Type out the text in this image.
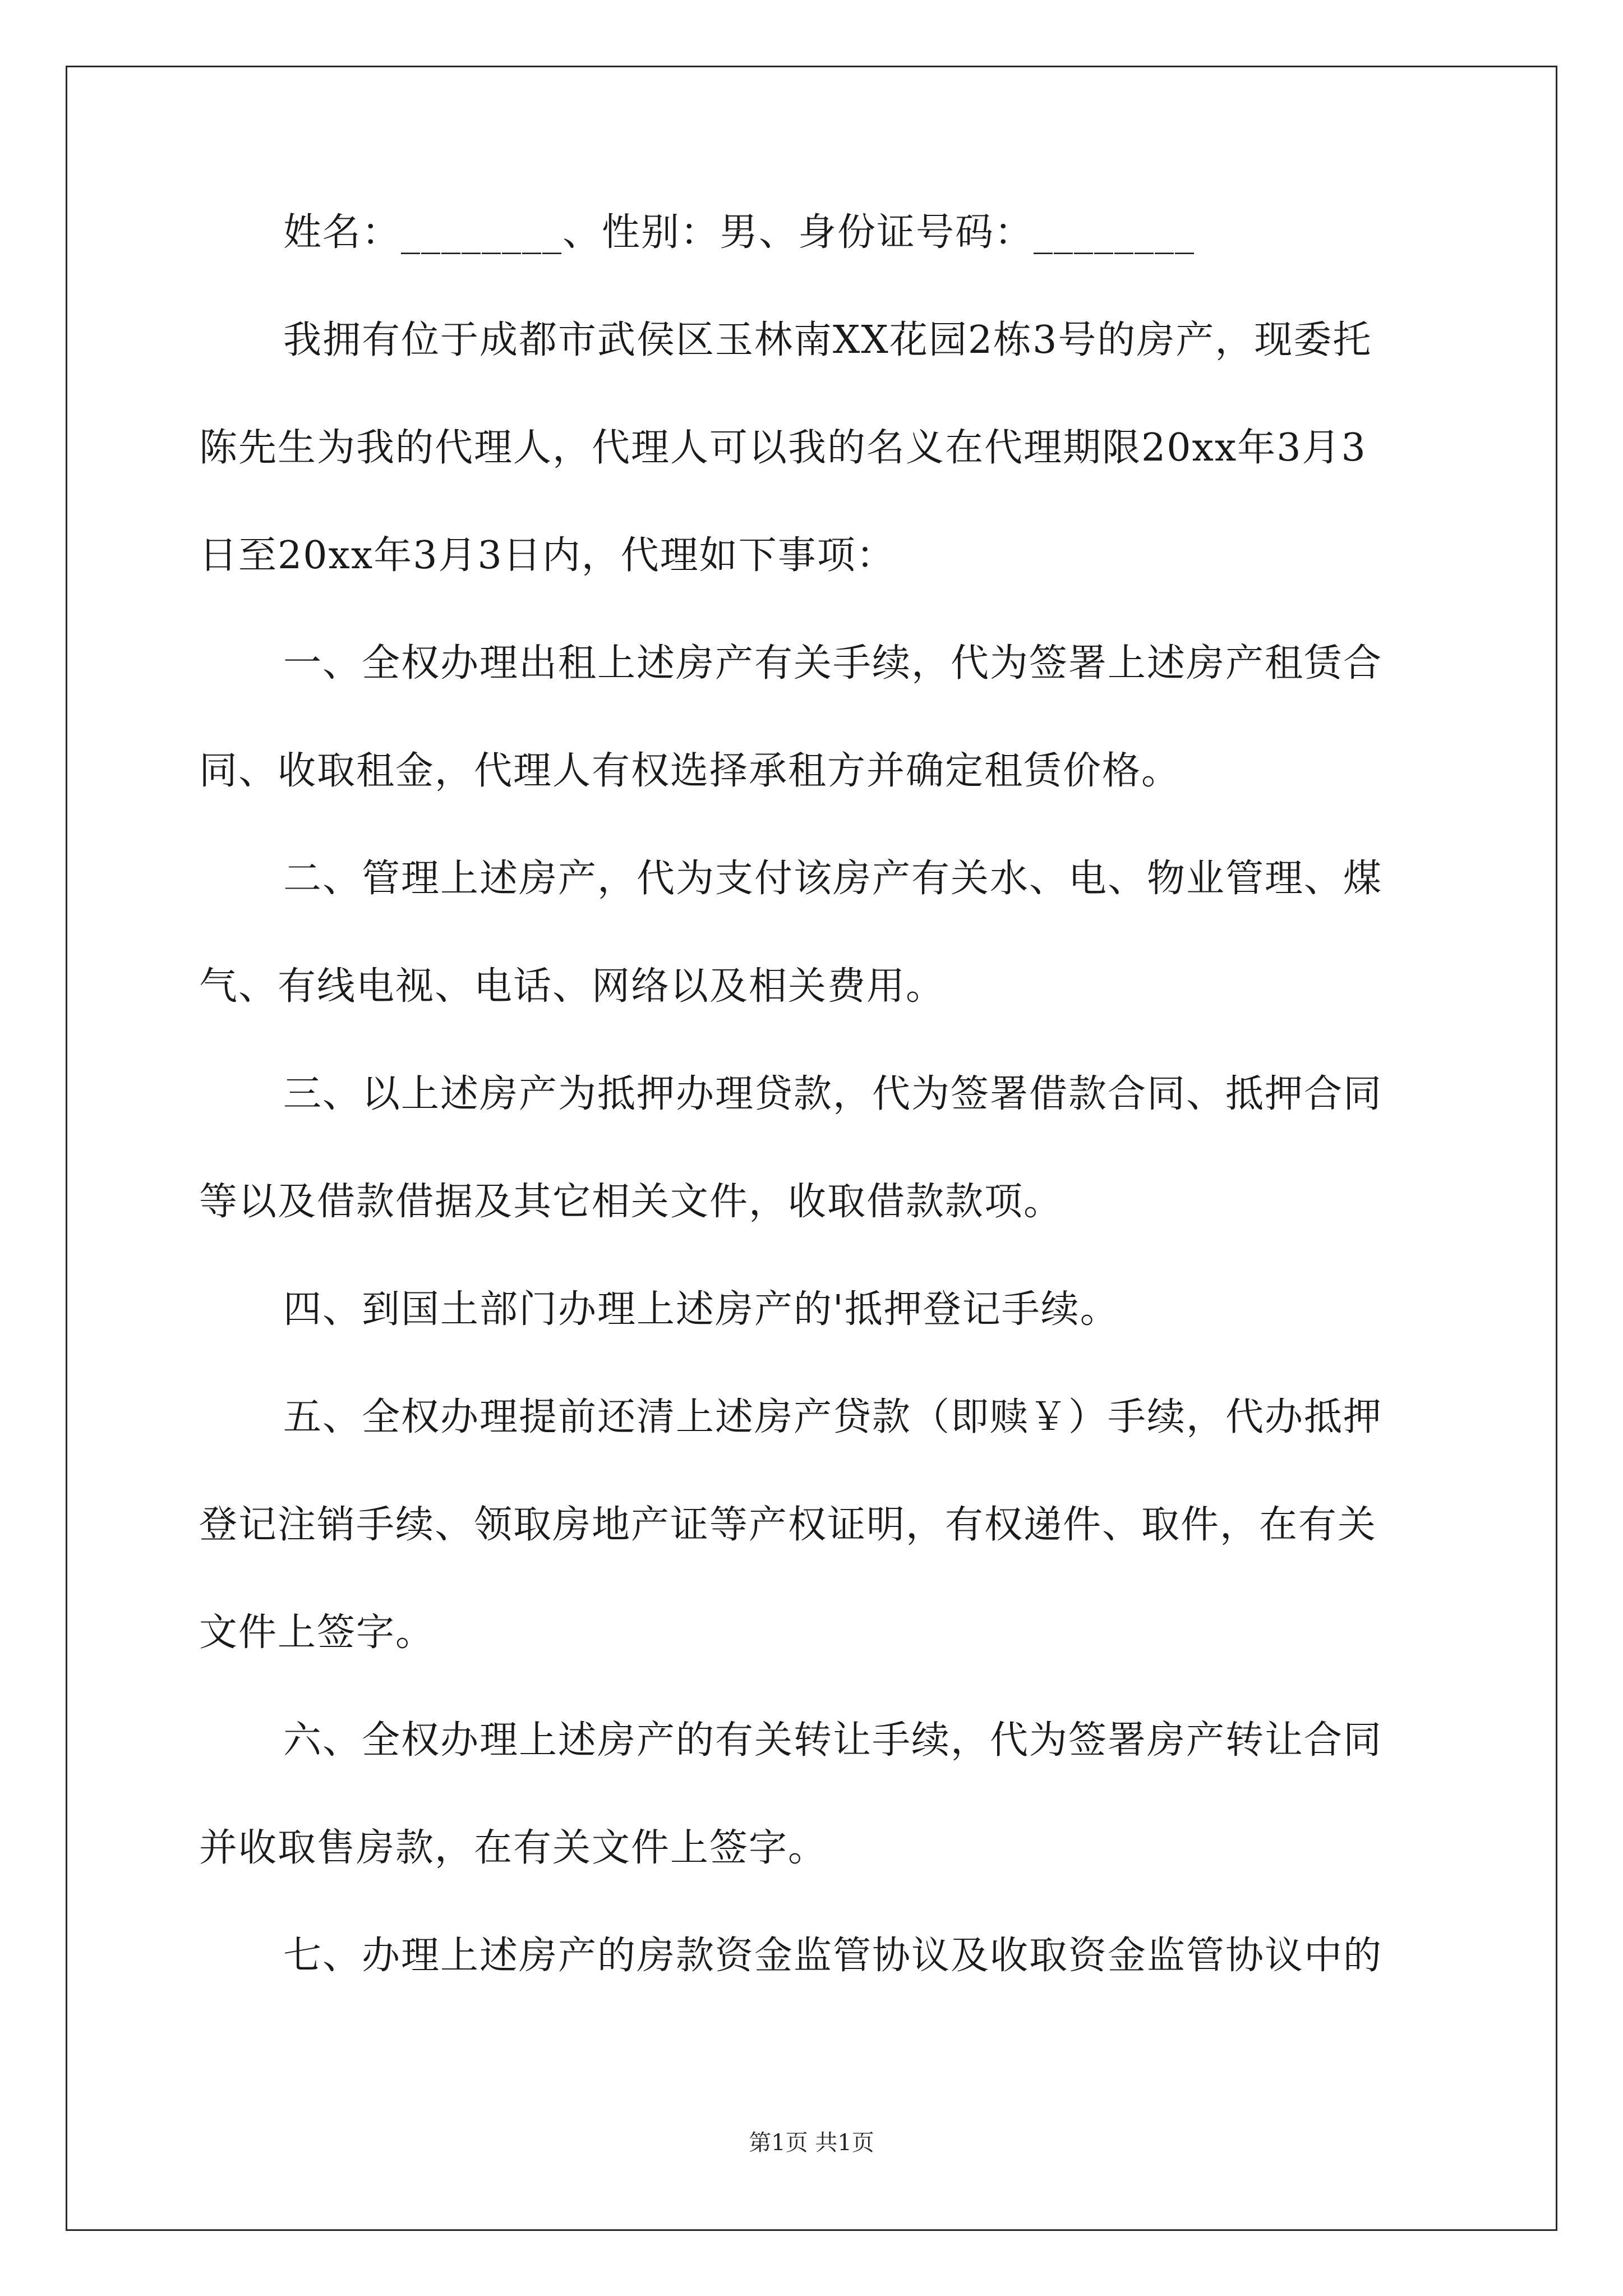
姓名：________、性别：男、身份证号码：________
我拥有位于成都市武侯区玉林南XX花园2栋3号的房产，现委托
陈先生为我的代理人，代理人可以我的名义在代理期限20xx年3月3
日至20xx年3月3日内，代理如下事项：
一、全权办理出租上述房产有关手续，代为签署上述房产租赁合
同、收取租金，代理人有权选择承租方并确定租赁价格。
二、管理上述房产，代为支付该房产有关水、电、物业管理、煤
气、有线电视、电话、网络以及相关费用。
三、以上述房产为抵押办理贷款，代为签署借款合同、抵押合同
等以及借款借据及其它相关文件，收取借款款项。
四、到国土部门办理上述房产的'抵押登记手续。
五、全权办理提前还清上述房产贷款（即赎￥）手续，代办抵押
登记注销手续、领取房地产证等产权证明，有权递件、取件，在有关
文件上签字。
六、全权办理上述房产的有关转让手续，代为签署房产转让合同
并收取售房款，在有关文件上签字。
七、办理上述房产的房款资金监管协议及收取资金监管协议中的
第1页 共1页
